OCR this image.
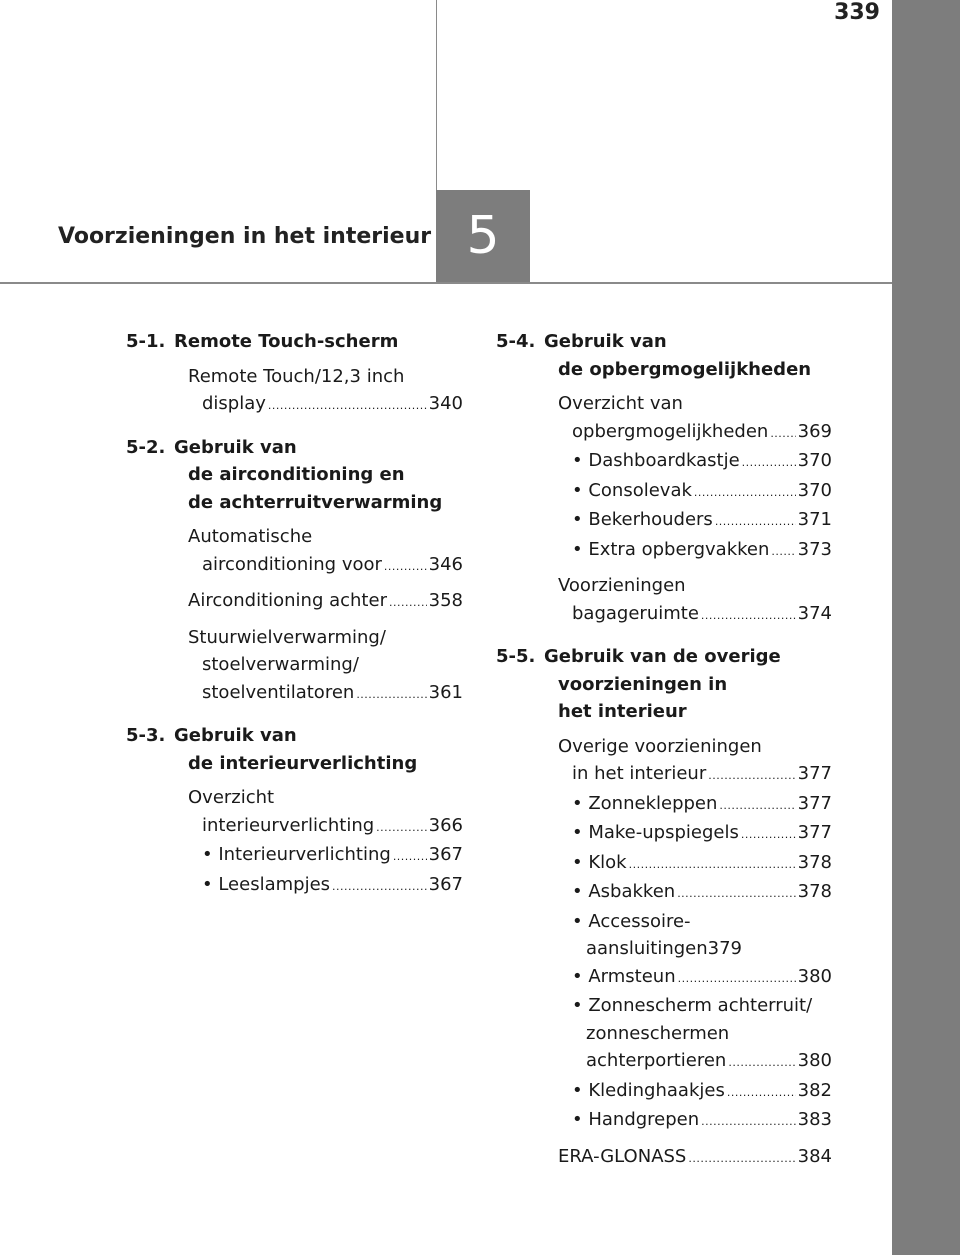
339
Voorzieningen in het interieur 5
5-1. Remote Touch-scherm
Remote Touch/12,3 inch
display .....	340
5-2. Gebruik van
de airconditioning en
de achterruitverwarming
Automatische
airconditioning voor .....	346
Airconditioning achter ..... 358
Stuurwielverwarming/
stoelverwarming/
stoelventilatoren .....	361
5-3. Gebruik van
de interieurverlichting
Overzicht
interieurverlichting .....	366
• Interieurverlichting ..... 367
• Leeslampjes .....	367
5-4. Gebruik van
de opbergmogelijkheden
Overzicht van
opbergmogelijkheden ..... 369
• Dashboardkastje .....	370
• Consolevak .....	370
• Bekerhouders .....	371
• Extra opbergvakken ..... 373
Voorzieningen
bagageruimte .....	374
5-5. Gebruik van de overige
voorzieningen in
het interieur
Overige voorzieningen
in het interieur .....	377
• Zonnekleppen .....	377
• Make-upspiegels .....	377
• Klok .....	378
• Asbakken .....	378
• Accessoire-
aansluitingen379
• Armsteun .....	380
• Zonnescherm achterruit/
zonneschermen
achterportieren .....	380
• Kledinghaakjes .....	382
• Handgrepen .....	383
ERA-GLONASS .....	384
